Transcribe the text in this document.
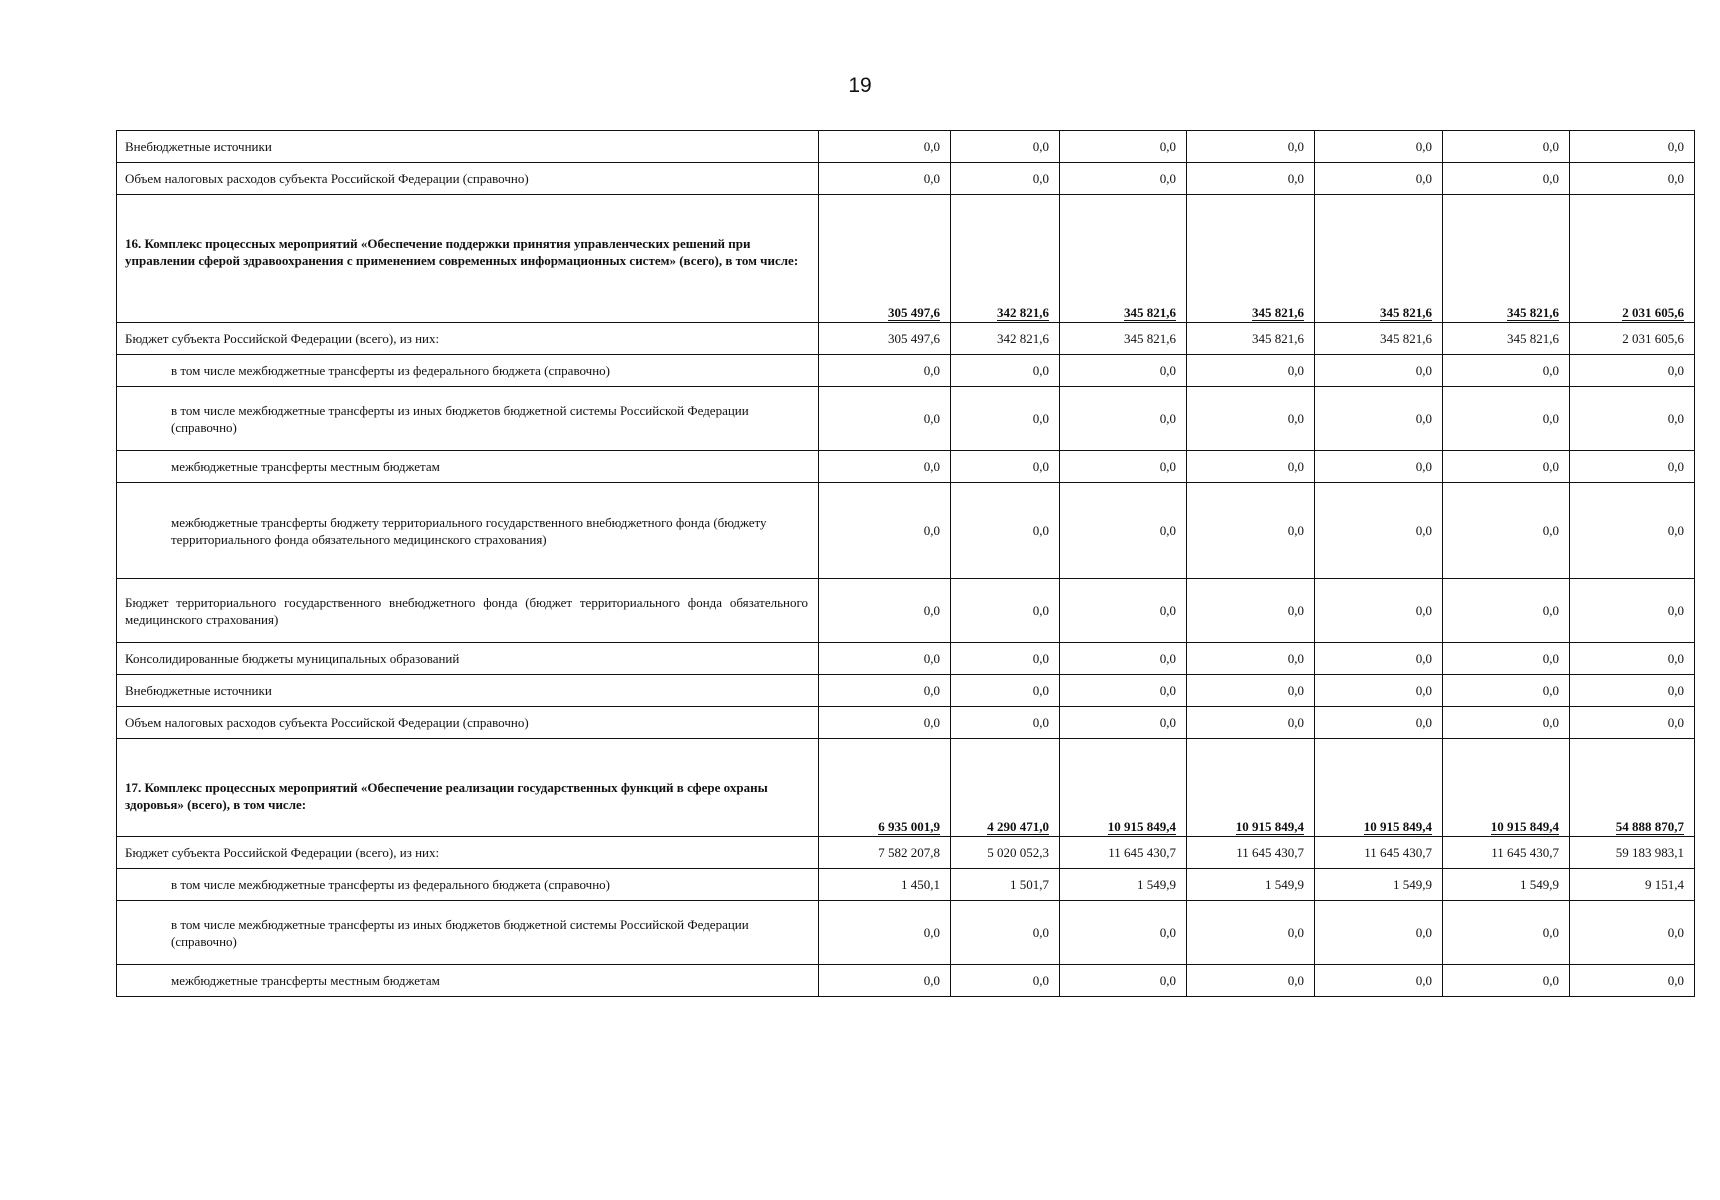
19
Внебюджетные источники	0,0	0,0	0,0	0,0	0,0	0,0	0,0
Объем налоговых расходов субъекта Российской Федерации (справочно)	0,0	0,0	0,0	0,0	0,0	0,0	0,0
16. Комплекс процессных мероприятий «Обеспечение поддержки принятия управленческих решений при управлении сферой здравоохранения с применением современных информационных систем» (всего), в том числе:	305 497,6	342 821,6	345 821,6	345 821,6	345 821,6	345 821,6	2 031 605,6
Бюджет субъекта Российской Федерации (всего), из них:	305 497,6	342 821,6	345 821,6	345 821,6	345 821,6	345 821,6	2 031 605,6
в том числе межбюджетные трансферты из федерального бюджета (справочно)	0,0	0,0	0,0	0,0	0,0	0,0	0,0
в том числе межбюджетные трансферты из иных бюджетов бюджетной системы Российской Федерации (справочно)	0,0	0,0	0,0	0,0	0,0	0,0	0,0
межбюджетные трансферты местным бюджетам	0,0	0,0	0,0	0,0	0,0	0,0	0,0
межбюджетные трансферты бюджету территориального государственного внебюджетного фонда (бюджету территориального фонда обязательного медицинского страхования)	0,0	0,0	0,0	0,0	0,0	0,0	0,0
Бюджет территориального государственного внебюджетного фонда (бюджет территориального фонда обязательного медицинского страхования)	0,0	0,0	0,0	0,0	0,0	0,0	0,0
Консолидированные бюджеты муниципальных образований	0,0	0,0	0,0	0,0	0,0	0,0	0,0
Внебюджетные источники	0,0	0,0	0,0	0,0	0,0	0,0	0,0
Объем налоговых расходов субъекта Российской Федерации (справочно)	0,0	0,0	0,0	0,0	0,0	0,0	0,0
17. Комплекс процессных мероприятий «Обеспечение реализации государственных функций в сфере охраны здоровья» (всего), в том числе:	6 935 001,9	4 290 471,0	10 915 849,4	10 915 849,4	10 915 849,4	10 915 849,4	54 888 870,7
Бюджет субъекта Российской Федерации (всего), из них:	7 582 207,8	5 020 052,3	11 645 430,7	11 645 430,7	11 645 430,7	11 645 430,7	59 183 983,1
в том числе межбюджетные трансферты из федерального бюджета (справочно)	1 450,1	1 501,7	1 549,9	1 549,9	1 549,9	1 549,9	9 151,4
в том числе межбюджетные трансферты из иных бюджетов бюджетной системы Российской Федерации (справочно)	0,0	0,0	0,0	0,0	0,0	0,0	0,0
межбюджетные трансферты местным бюджетам	0,0	0,0	0,0	0,0	0,0	0,0	0,0
